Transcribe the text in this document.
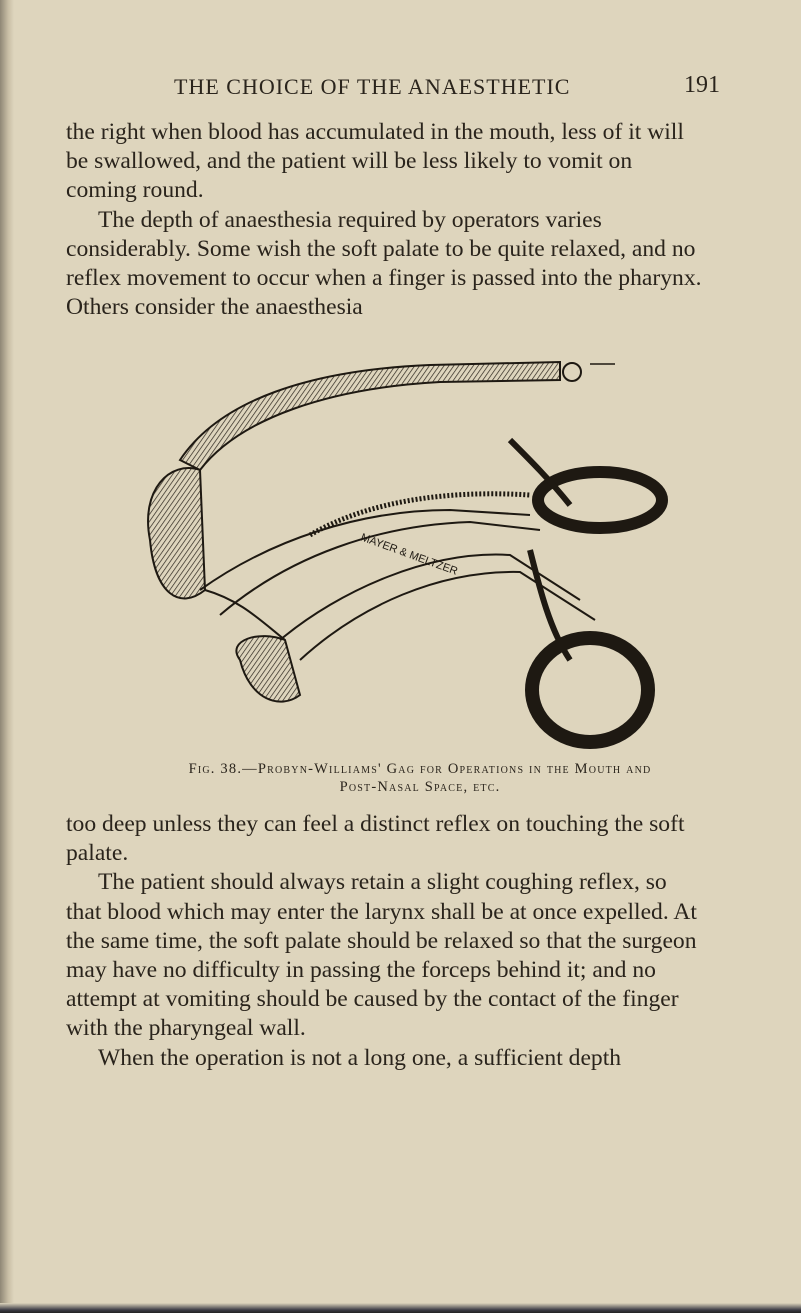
THE CHOICE OF THE ANAESTHETIC	191

the right when blood has accumulated in the mouth, less of it will be swallowed, and the patient will be less likely to vomit on coming round.

The depth of anaesthesia required by operators varies considerably. Some wish the soft palate to be quite relaxed, and no reflex movement to occur when a finger is passed into the pharynx. Others consider the anaesthesia

MAYER & MELTZER
Fig. 38.—Probyn-Williams' Gag for Operations in the Mouth and
Post-Nasal Space, etc.

too deep unless they can feel a distinct reflex on touching the soft palate.

The patient should always retain a slight coughing reflex, so that blood which may enter the larynx shall be at once expelled. At the same time, the soft palate should be relaxed so that the surgeon may have no difficulty in passing the forceps behind it; and no attempt at vomiting should be caused by the contact of the finger with the pharyngeal wall.

When the operation is not a long one, a sufficient depth
